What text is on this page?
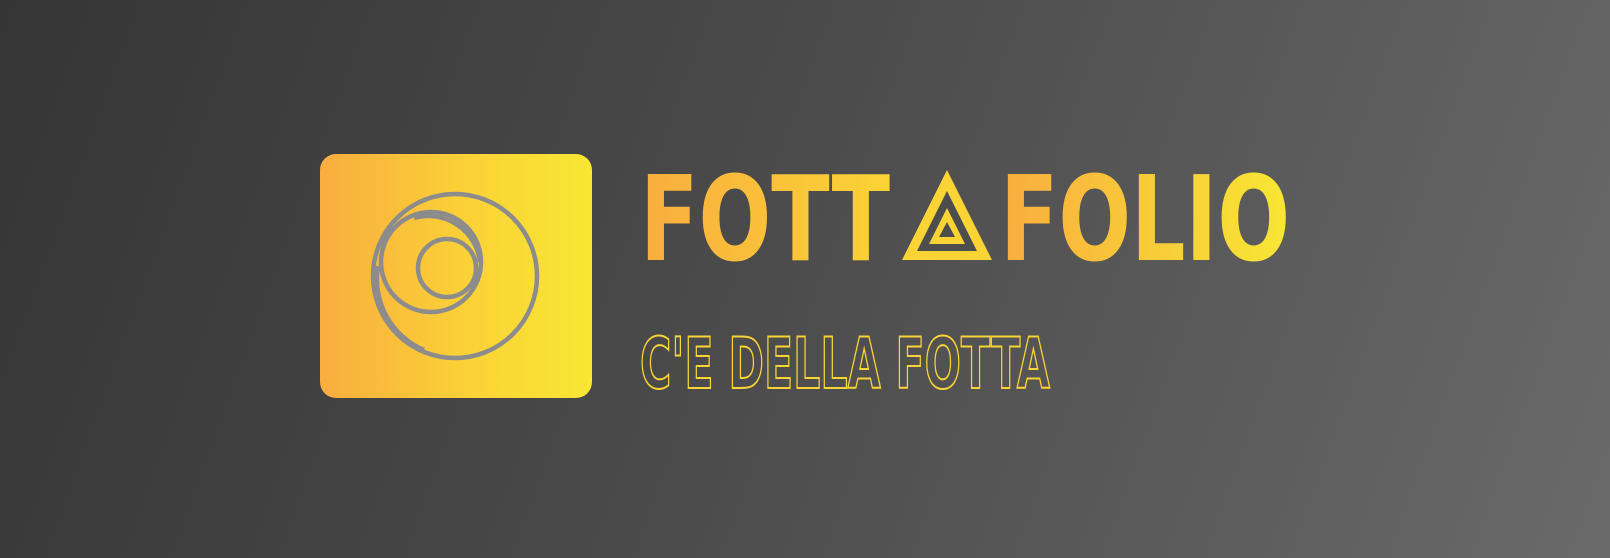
FOTT FOLIO
C'E DELLA FOTTA
